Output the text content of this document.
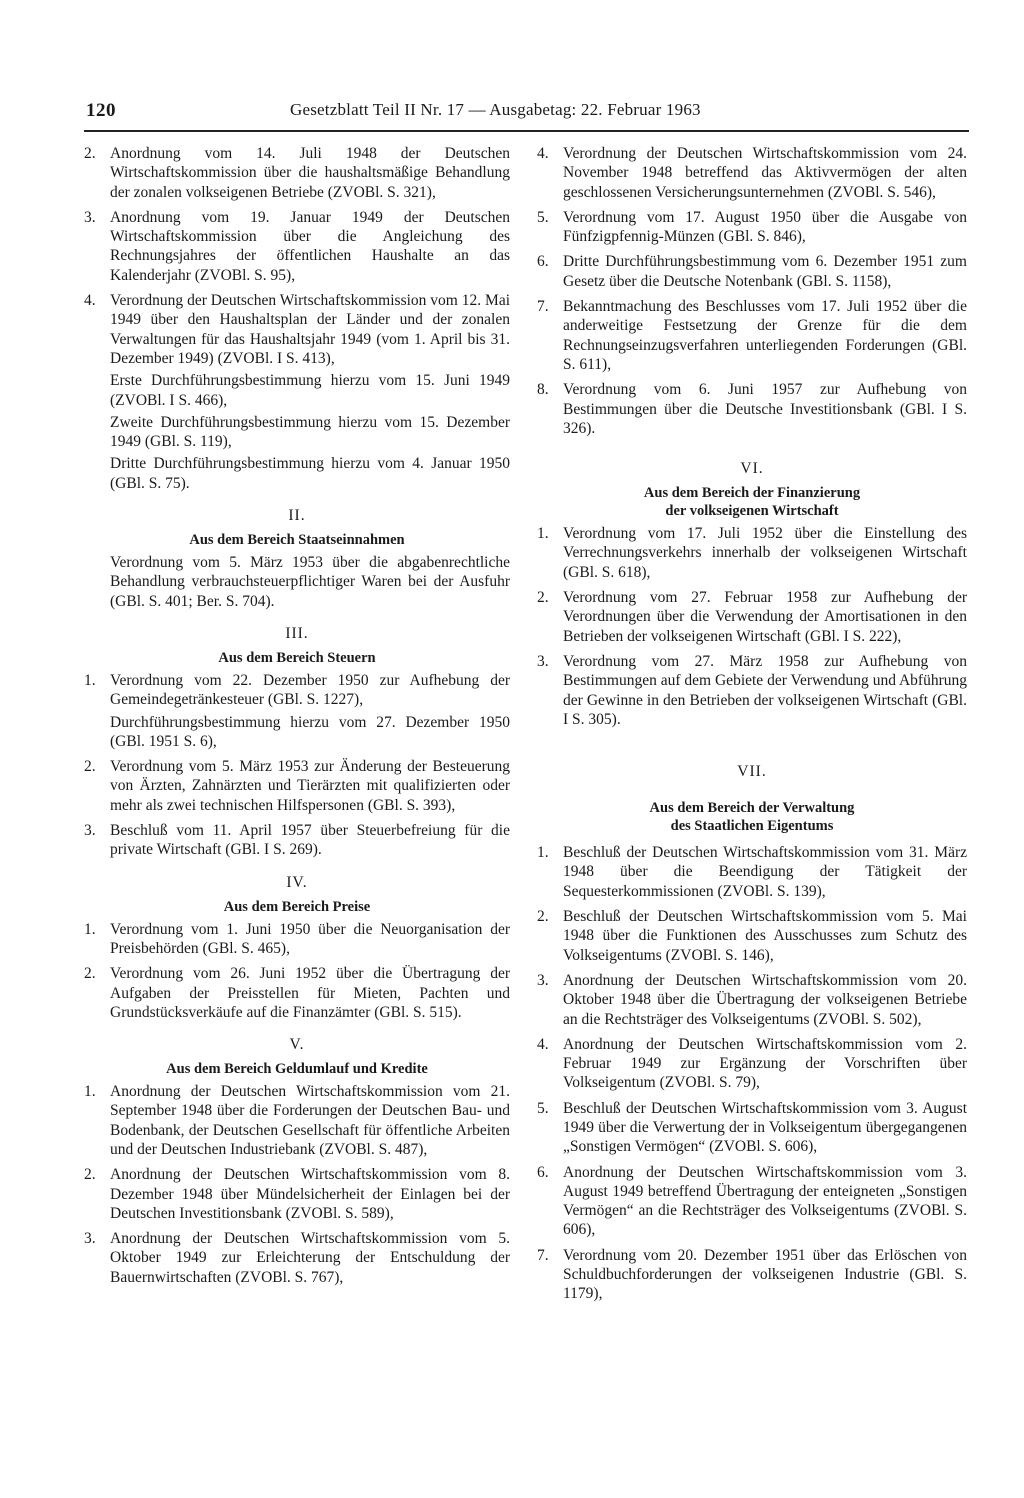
120	Gesetzblatt Teil II Nr. 17 — Ausgabetag: 22. Februar 1963
2. Anordnung vom 14. Juli 1948 der Deutschen Wirtschaftskommission über die haushaltsmäßige Behandlung der zonalen volkseigenen Betriebe (ZVOBl. S. 321),
3. Anordnung vom 19. Januar 1949 der Deutschen Wirtschaftskommission über die Angleichung des Rechnungsjahres der öffentlichen Haushalte an das Kalenderjahr (ZVOBl. S. 95),
4. Verordnung der Deutschen Wirtschaftskommission vom 12. Mai 1949 über den Haushaltsplan der Länder und der zonalen Verwaltungen für das Haushaltsjahr 1949 (vom 1. April bis 31. Dezember 1949) (ZVOBl. I S. 413),
Erste Durchführungsbestimmung hierzu vom 15. Juni 1949 (ZVOBl. I S. 466),
Zweite Durchführungsbestimmung hierzu vom 15. Dezember 1949 (GBl. S. 119),
Dritte Durchführungsbestimmung hierzu vom 4. Januar 1950 (GBl. S. 75).
II.
Aus dem Bereich Staatseinnahmen
Verordnung vom 5. März 1953 über die abgabenrechtliche Behandlung verbrauchsteuerpflichtiger Waren bei der Ausfuhr (GBl. S. 401; Ber. S. 704).
III.
Aus dem Bereich Steuern
1. Verordnung vom 22. Dezember 1950 zur Aufhebung der Gemeindegetränkesteuer (GBl. S. 1227),
Durchführungsbestimmung hierzu vom 27. Dezember 1950 (GBl. 1951 S. 6),
2. Verordnung vom 5. März 1953 zur Änderung der Besteuerung von Ärzten, Zahnärzten und Tierärzten mit qualifizierten oder mehr als zwei technischen Hilfspersonen (GBl. S. 393),
3. Beschluß vom 11. April 1957 über Steuerbefreiung für die private Wirtschaft (GBl. I S. 269).
IV.
Aus dem Bereich Preise
1. Verordnung vom 1. Juni 1950 über die Neuorganisation der Preisbehörden (GBl. S. 465),
2. Verordnung vom 26. Juni 1952 über die Übertragung der Aufgaben der Preisstellen für Mieten, Pachten und Grundstücksverkäufe auf die Finanzämter (GBl. S. 515).
V.
Aus dem Bereich Geldumlauf und Kredite
1. Anordnung der Deutschen Wirtschaftskommission vom 21. September 1948 über die Forderungen der Deutschen Bau- und Bodenbank, der Deutschen Gesellschaft für öffentliche Arbeiten und der Deutschen Industriebank (ZVOBl. S. 487),
2. Anordnung der Deutschen Wirtschaftskommission vom 8. Dezember 1948 über Mündelsicherheit der Einlagen bei der Deutschen Investitionsbank (ZVOBl. S. 589),
3. Anordnung der Deutschen Wirtschaftskommission vom 5. Oktober 1949 zur Erleichterung der Entschuldung der Bauernwirtschaften (ZVOBl. S. 767),
4. Verordnung der Deutschen Wirtschaftskommission vom 24. November 1948 betreffend das Aktivvermögen der alten geschlossenen Versicherungsunternehmen (ZVOBl. S. 546),
5. Verordnung vom 17. August 1950 über die Ausgabe von Fünfzigpfennig-Münzen (GBl. S. 846),
6. Dritte Durchführungsbestimmung vom 6. Dezember 1951 zum Gesetz über die Deutsche Notenbank (GBl. S. 1158),
7. Bekanntmachung des Beschlusses vom 17. Juli 1952 über die anderweitige Festsetzung der Grenze für die dem Rechnungseinzugsverfahren unterliegenden Forderungen (GBl. S. 611),
8. Verordnung vom 6. Juni 1957 zur Aufhebung von Bestimmungen über die Deutsche Investitionsbank (GBl. I S. 326).
VI.
Aus dem Bereich der Finanzierung
der volkseigenen Wirtschaft
1. Verordnung vom 17. Juli 1952 über die Einstellung des Verrechnungsverkehrs innerhalb der volkseigenen Wirtschaft (GBl. S. 618),
2. Verordnung vom 27. Februar 1958 zur Aufhebung der Verordnungen über die Verwendung der Amortisationen in den Betrieben der volkseigenen Wirtschaft (GBl. I S. 222),
3. Verordnung vom 27. März 1958 zur Aufhebung von Bestimmungen auf dem Gebiete der Verwendung und Abführung der Gewinne in den Betrieben der volkseigenen Wirtschaft (GBl. I S. 305).
VII.
Aus dem Bereich der Verwaltung
des Staatlichen Eigentums
1. Beschluß der Deutschen Wirtschaftskommission vom 31. März 1948 über die Beendigung der Tätigkeit der Sequesterkommissionen (ZVOBl. S. 139),
2. Beschluß der Deutschen Wirtschaftskommission vom 5. Mai 1948 über die Funktionen des Ausschusses zum Schutz des Volkseigentums (ZVOBl. S. 146),
3. Anordnung der Deutschen Wirtschaftskommission vom 20. Oktober 1948 über die Übertragung der volkseigenen Betriebe an die Rechtsträger des Volkseigentums (ZVOBl. S. 502),
4. Anordnung der Deutschen Wirtschaftskommission vom 2. Februar 1949 zur Ergänzung der Vorschriften über Volkseigentum (ZVOBl. S. 79),
5. Beschluß der Deutschen Wirtschaftskommission vom 3. August 1949 über die Verwertung der in Volkseigentum übergegangenen „Sonstigen Vermögen“ (ZVOBl. S. 606),
6. Anordnung der Deutschen Wirtschaftskommission vom 3. August 1949 betreffend Übertragung der enteigneten „Sonstigen Vermögen“ an die Rechtsträger des Volkseigentums (ZVOBl. S. 606),
7. Verordnung vom 20. Dezember 1951 über das Erlöschen von Schuldbuchforderungen der volkseigenen Industrie (GBl. S. 1179),
